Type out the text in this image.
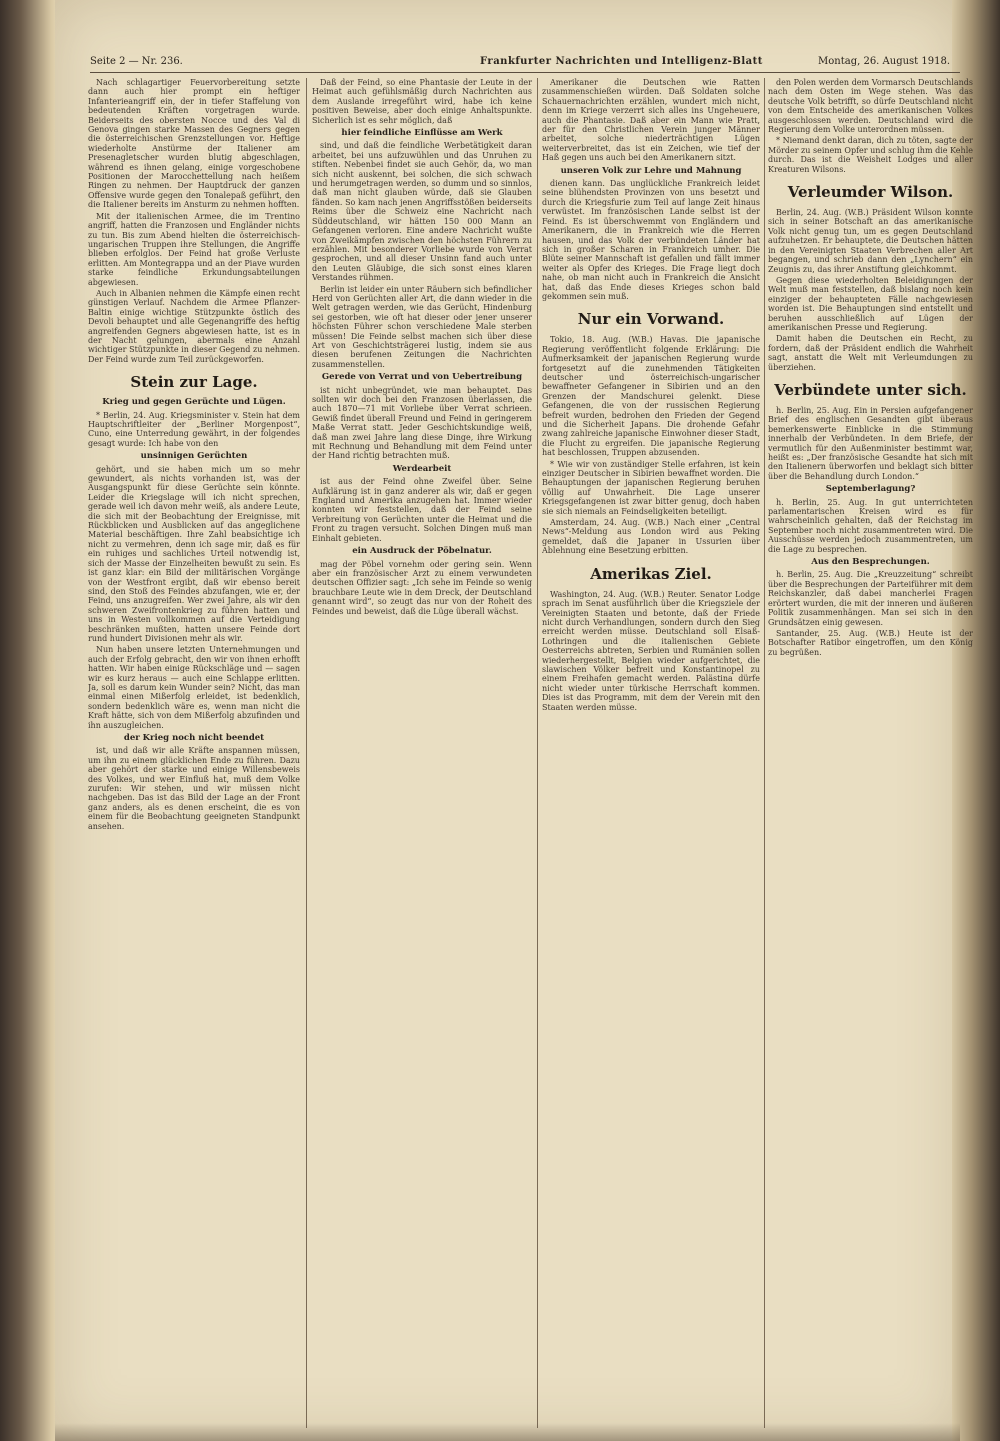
Seite 2 — Nr. 236.	Frankfurter Nachrichten und Intelligenz-Blatt	Montag, 26. August 1918.

Nach schlagartiger Feuervorbereitung setzte dann auch hier prompt ein heftiger Infanterieangriff ein, der in tiefer Staffelung von bedeutenden Kräften vorgetragen wurde. Beiderseits des obersten Nocce und des Val di Genova gingen starke Massen des Gegners gegen die österreichischen Grenzstellungen vor. Heftige wiederholte Anstürme der Italiener am Presenagletscher wurden blutig abgeschlagen, während es ihnen gelang, einige vorgeschobene Positionen der Marocchettellung nach heißem Ringen zu nehmen. Der Hauptdruck der ganzen Offensive wurde gegen den Tonalepaß geführt, den die Italiener bereits im Ansturm zu nehmen hofften.

Mit der italienischen Armee, die im Trentino angriff, hatten die Franzosen und Engländer nichts zu tun. Bis zum Abend hielten die österreichisch-ungarischen Truppen ihre Stellungen, die Angriffe blieben erfolglos. Der Feind hat große Verluste erlitten. Am Montegrappa und an der Piave wurden starke feindliche Erkundungsabteilungen abgewiesen.

Auch in Albanien nehmen die Kämpfe einen recht günstigen Verlauf. Nachdem die Armee Pflanzer-Baltin einige wichtige Stützpunkte östlich des Devoli behauptet und alle Gegenangriffe des heftig angreifenden Gegners abgewiesen hatte, ist es in der Nacht gelungen, abermals eine Anzahl wichtiger Stützpunkte in dieser Gegend zu nehmen. Der Feind wurde zum Teil zurückgeworfen.

Stein zur Lage.
Krieg und gegen Gerüchte und Lügen.

* Berlin, 24. Aug. Kriegsminister v. Stein hat dem Hauptschriftleiter der „Berliner Morgenpost“, Cuno, eine Unterredung gewährt, in der folgendes gesagt wurde: Ich habe von den

unsinnigen Gerüchten

gehört, und sie haben mich um so mehr gewundert, als nichts vorhanden ist, was der Ausgangspunkt für diese Gerüchte sein könnte. Leider die Kriegslage will ich nicht sprechen, gerade weil ich davon mehr weiß, als andere Leute, die sich mit der Beobachtung der Ereignisse, mit Rückblicken und Ausblicken auf das angeglichene Material beschäftigen. Ihre Zahl beabsichtige ich nicht zu vermehren, denn ich sage mir, daß es für ein ruhiges und sachliches Urteil notwendig ist, sich der Masse der Einzelheiten bewußt zu sein. Es ist ganz klar: ein Bild der militärischen Vorgänge von der Westfront ergibt, daß wir ebenso bereit sind, den Stoß des Feindes abzufangen, wie er, der Feind, uns anzugreifen. Wer zwei Jahre, als wir den schweren Zweifrontenkrieg zu führen hatten und uns in Westen vollkommen auf die Verteidigung beschränken mußten, hatten unsere Feinde dort rund hundert Divisionen mehr als wir.

Nun haben unsere letzten Unternehmungen und auch der Erfolg gebracht, den wir von ihnen erhofft hatten. Wir haben einige Rückschläge und — sagen wir es kurz heraus — auch eine Schlappe erlitten. Ja, soll es darum kein Wunder sein? Nicht, das man einmal einen Mißerfolg erleidet, ist bedenklich, sondern bedenklich wäre es, wenn man nicht die Kraft hätte, sich von dem Mißerfolg abzufinden und ihn auszugleichen.

der Krieg noch nicht beendet

ist, und daß wir alle Kräfte anspannen müssen, um ihn zu einem glücklichen Ende zu führen. Dazu aber gehört der starke und einige Willensbeweis des Volkes, und wer Einfluß hat, muß dem Volke zurufen: Wir stehen, und wir müssen nicht nachgeben. Das ist das Bild der Lage an der Front ganz anders, als es denen erscheint, die es von einem für die Beobachtung geeigneten Standpunkt ansehen.

Daß der Feind, so eine Phantasie der Leute in der Heimat auch gefühlsmäßig durch Nachrichten aus dem Auslande irregeführt wird, habe ich keine positiven Beweise, aber doch einige Anhaltspunkte. Sicherlich ist es sehr möglich, daß

hier feindliche Einflüsse am Werk

sind, und daß die feindliche Werbetätigkeit daran arbeitet, bei uns aufzuwühlen und das Unruhen zu stiften. Nebenbei findet sie auch Gehör, da, wo man sich nicht auskennt, bei solchen, die sich schwach und herumgetragen werden, so dumm und so sinnlos, daß man nicht glauben würde, daß sie Glauben fänden. So kam nach jenen Angriffsstößen beiderseits Reims über die Schweiz eine Nachricht nach Süddeutschland, wir hätten 150 000 Mann an Gefangenen verloren. Eine andere Nachricht wußte von Zweikämpfen zwischen den höchsten Führern zu erzählen. Mit besonderer Vorliebe wurde von Verrat gesprochen, und all dieser Unsinn fand auch unter den Leuten Gläubige, die sich sonst eines klaren Verstandes rühmen.

Berlin ist leider ein unter Räubern sich befindlicher Herd von Gerüchten aller Art, die dann wieder in die Welt getragen werden, wie das Gerücht, Hindenburg sei gestorben, wie oft hat dieser oder jener unserer höchsten Führer schon verschiedene Male sterben müssen! Die Feinde selbst machen sich über diese Art von Geschichtsträgerei lustig, indem sie aus diesen berufenen Zeitungen die Nachrichten zusammenstellen.

Gerede von Verrat und von Uebertreibung

ist nicht unbegründet, wie man behauptet. Das sollten wir doch bei den Franzosen überlassen, die auch 1870—71 mit Vorliebe über Verrat schrieen. Gewiß findet überall Freund und Feind in geringerem Maße Verrat statt. Jeder Geschichtskundige weiß, daß man zwei Jahre lang diese Dinge, ihre Wirkung mit Rechnung und Behandlung mit dem Feind unter der Hand richtig betrachten muß.

Werdearbeit

ist aus der Feind ohne Zweifel über. Seine Aufklärung ist in ganz anderer als wir, daß er gegen England und Amerika anzugehen hat. Immer wieder konnten wir feststellen, daß der Feind seine Verbreitung von Gerüchten unter die Heimat und die Front zu tragen versucht. Solchen Dingen muß man Einhalt gebieten.

ein Ausdruck der Pöbelnatur.

mag der Pöbel vornehm oder gering sein. Wenn aber ein französischer Arzt zu einem verwundeten deutschen Offizier sagt: „Ich sehe im Feinde so wenig brauchbare Leute wie in dem Dreck, der Deutschland genannt wird“, so zeugt das nur von der Roheit des Feindes und beweist, daß die Lüge überall wächst.

Amerikaner die Deutschen wie Ratten zusammenschießen würden. Daß Soldaten solche Schauernachrichten erzählen, wundert mich nicht, denn im Kriege verzerrt sich alles ins Ungeheuere, auch die Phantasie. Daß aber ein Mann wie Pratt, der für den Christlichen Verein junger Männer arbeitet, solche niederträchtigen Lügen weiterverbreitet, das ist ein Zeichen, wie tief der Haß gegen uns auch bei den Amerikanern sitzt.

unseren Volk zur Lehre und Mahnung

dienen kann. Das unglückliche Frankreich leidet seine blühendsten Provinzen von uns besetzt und durch die Kriegsfurie zum Teil auf lange Zeit hinaus verwüstet. Im französischen Lande selbst ist der Feind. Es ist überschwemmt von Engländern und Amerikanern, die in Frankreich wie die Herren hausen, und das Volk der verbündeten Länder hat sich in großer Scharen in Frankreich umher. Die Blüte seiner Mannschaft ist gefallen und fällt immer weiter als Opfer des Krieges. Die Frage liegt doch nahe, ob man nicht auch in Frankreich die Ansicht hat, daß das Ende dieses Krieges schon bald gekommen sein muß.

Nur ein Vorwand.

Tokio, 18. Aug. (W.B.) Havas. Die japanische Regierung veröffentlicht folgende Erklärung: Die Aufmerksamkeit der japanischen Regierung wurde fortgesetzt auf die zunehmenden Tätigkeiten deutscher und österreichisch-ungarischer bewaffneter Gefangener in Sibirien und an den Grenzen der Mandschurei gelenkt. Diese Gefangenen, die von der russischen Regierung befreit wurden, bedrohen den Frieden der Gegend und die Sicherheit Japans. Die drohende Gefahr zwang zahlreiche japanische Einwohner dieser Stadt, die Flucht zu ergreifen. Die japanische Regierung hat beschlossen, Truppen abzusenden.

* Wie wir von zuständiger Stelle erfahren, ist kein einziger Deutscher in Sibirien bewaffnet worden. Die Behauptungen der japanischen Regierung beruhen völlig auf Unwahrheit. Die Lage unserer Kriegsgefangenen ist zwar bitter genug, doch haben sie sich niemals an Feindseligkeiten beteiligt.

Amsterdam, 24. Aug. (W.B.) Nach einer „Central News“-Meldung aus London wird aus Peking gemeldet, daß die Japaner in Ussurien über Ablehnung eine Besetzung erbitten.

Amerikas Ziel.

Washington, 24. Aug. (W.B.) Reuter. Senator Lodge sprach im Senat ausführlich über die Kriegsziele der Vereinigten Staaten und betonte, daß der Friede nicht durch Verhandlungen, sondern durch den Sieg erreicht werden müsse. Deutschland soll Elsaß-Lothringen und die italienischen Gebiete Oesterreichs abtreten, Serbien und Rumänien sollen wiederhergestellt, Belgien wieder aufgerichtet, die slawischen Völker befreit und Konstantinopel zu einem Freihafen gemacht werden. Palästina dürfe nicht wieder unter türkische Herrschaft kommen. Dies ist das Programm, mit dem der Verein mit den Staaten werden müsse.

den Polen werden dem Vormarsch Deutschlands nach dem Osten im Wege stehen. Was das deutsche Volk betrifft, so dürfe Deutschland nicht von dem Entscheide des amerikanischen Volkes ausgeschlossen werden. Deutschland wird die Regierung dem Volke unterordnen müssen.

* Niemand denkt daran, dich zu töten, sagte der Mörder zu seinem Opfer und schlug ihm die Kehle durch. Das ist die Weisheit Lodges und aller Kreaturen Wilsons.

Verleumder Wilson.

Berlin, 24. Aug. (W.B.) Präsident Wilson konnte sich in seiner Botschaft an das amerikanische Volk nicht genug tun, um es gegen Deutschland aufzuhetzen. Er behauptete, die Deutschen hätten in den Vereinigten Staaten Verbrechen aller Art begangen, und schrieb dann den „Lynchern“ ein Zeugnis zu, das ihrer Anstiftung gleichkommt.

Gegen diese wiederholten Beleidigungen der Welt muß man feststellen, daß bislang noch kein einziger der behaupteten Fälle nachgewiesen worden ist. Die Behauptungen sind entstellt und beruhen ausschließlich auf Lügen der amerikanischen Presse und Regierung.

Damit haben die Deutschen ein Recht, zu fordern, daß der Präsident endlich die Wahrheit sagt, anstatt die Welt mit Verleumdungen zu überziehen.

Verbündete unter sich.

h. Berlin, 25. Aug. Ein in Persien aufgefangener Brief des englischen Gesandten gibt überaus bemerkenswerte Einblicke in die Stimmung innerhalb der Verbündeten. In dem Briefe, der vermutlich für den Außenminister bestimmt war, heißt es: „Der französische Gesandte hat sich mit den Italienern überworfen und beklagt sich bitter über die Behandlung durch London.“

Septemberlagung?

h. Berlin, 25. Aug. In gut unterrichteten parlamentarischen Kreisen wird es für wahrscheinlich gehalten, daß der Reichstag im September noch nicht zusammentreten wird. Die Ausschüsse werden jedoch zusammentreten, um die Lage zu besprechen.

Aus den Besprechungen.

h. Berlin, 25. Aug. Die „Kreuzzeitung“ schreibt über die Besprechungen der Parteiführer mit dem Reichskanzler, daß dabei mancherlei Fragen erörtert wurden, die mit der inneren und äußeren Politik zusammenhängen. Man sei sich in den Grundsätzen einig gewesen.

Santander, 25. Aug. (W.B.) Heute ist der Botschafter Ratibor eingetroffen, um den König zu begrüßen.
